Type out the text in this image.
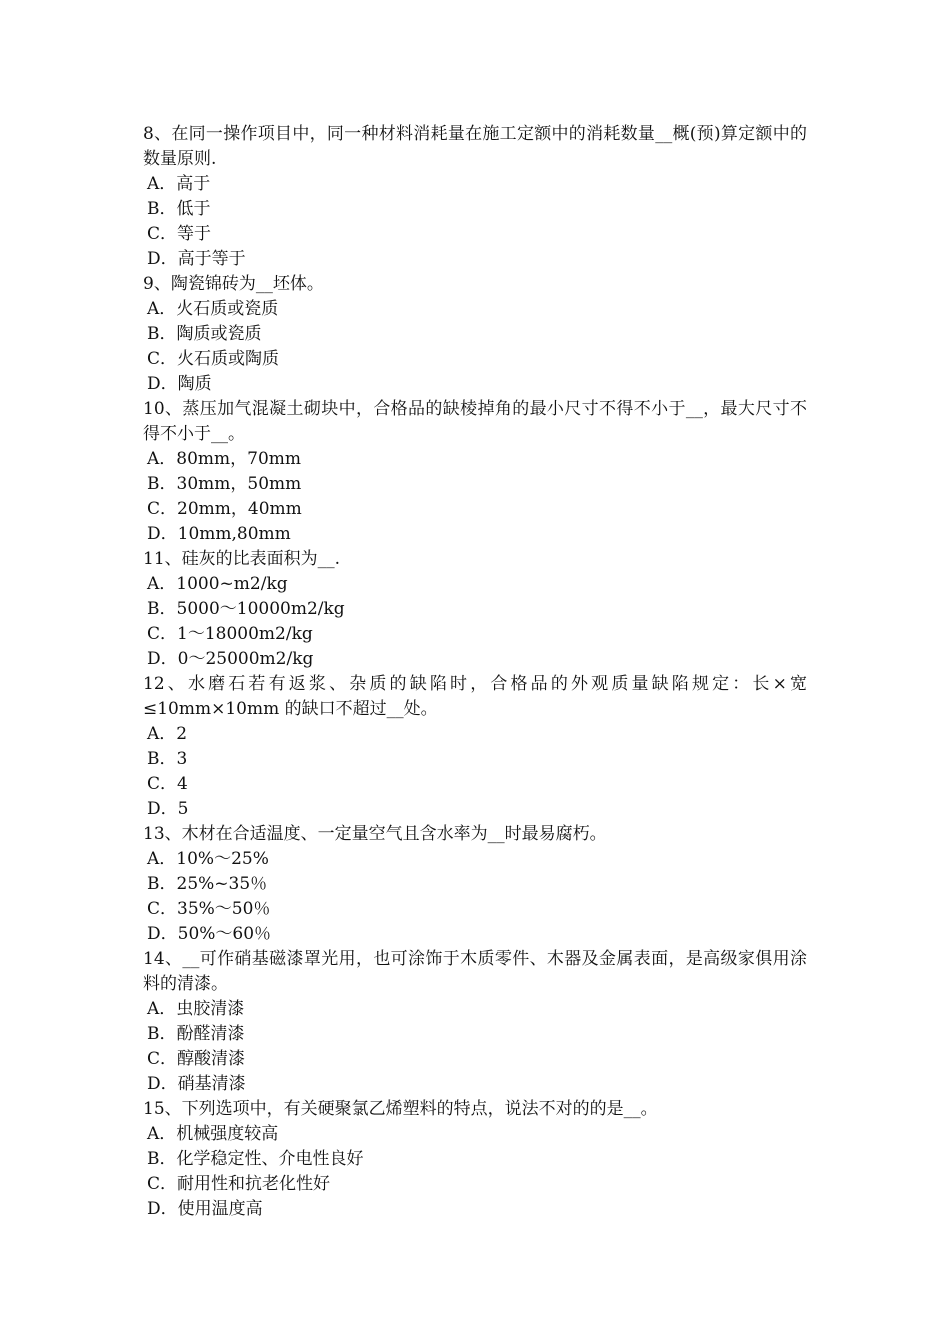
8、在同一操作项目中，同一种材料消耗量在施工定额中的消耗数量__概(预)算定额中的数量原则.

A．高于

B．低于

C．等于

D．高于等于

9、陶瓷锦砖为__坯体。

A．火石质或瓷质

B．陶质或瓷质

C．火石质或陶质

D．陶质

10、蒸压加气混凝土砌块中，合格品的缺棱掉角的最小尺寸不得不小于__，最大尺寸不得不小于__。

A．80mm，70mm

B．30mm，50mm

C．20mm，40mm

D．10mm,80mm

11、硅灰的比表面积为__.

A．1000~m2/kg

B．5000～10000m2/kg

C．1～18000m2/kg

D．0～25000m2/kg

12、水磨石若有返浆、杂质的缺陷时，合格品的外观质量缺陷规定：长×宽≤10mm×10mm 的缺口不超过__处。

A．2

B．3

C．4

D．5

13、木材在合适温度、一定量空气且含水率为__时最易腐朽。

A．10%～25%

B．25%~35％

C．35%～50％

D．50%～60％

14、__可作硝基磁漆罩光用，也可涂饰于木质零件、木器及金属表面，是高级家俱用涂料的清漆。

A．虫胶清漆

B．酚醛清漆

C．醇酸清漆

D．硝基清漆

15、下列选项中，有关硬聚氯乙烯塑料的特点，说法不对的的是__。

A．机械强度较高

B．化学稳定性、介电性良好

C．耐用性和抗老化性好

D．使用温度高
